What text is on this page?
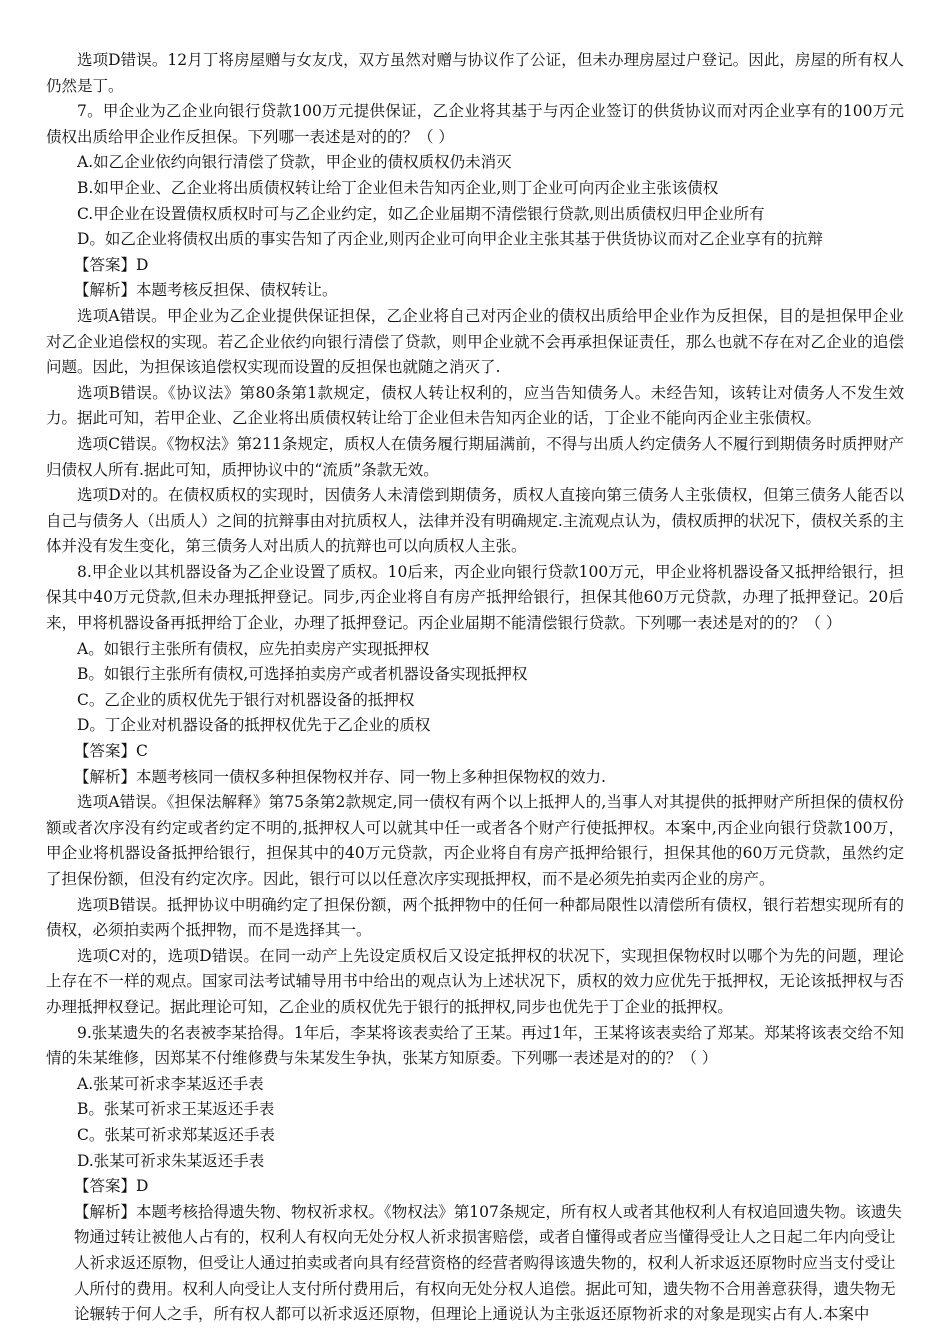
选项D错误。12月丁将房屋赠与女友戊，双方虽然对赠与协议作了公证，但未办理房屋过户登记。因此，房屋的所有权人仍然是丁。

7。甲企业为乙企业向银行贷款100万元提供保证，乙企业将其基于与丙企业签订的供货协议而对丙企业享有的100万元债权出质给甲企业作反担保。下列哪一表述是对的的？（ ）

A.如乙企业依约向银行清偿了贷款，甲企业的债权质权仍未消灭

B.如甲企业、乙企业将出质债权转让给丁企业但未告知丙企业,则丁企业可向丙企业主张该债权

C.甲企业在设置债权质权时可与乙企业约定，如乙企业届期不清偿银行贷款,则出质债权归甲企业所有

D。如乙企业将债权出质的事实告知了丙企业,则丙企业可向甲企业主张其基于供货协议而对乙企业享有的抗辩

【答案】D

【解析】本题考核反担保、债权转让。

选项A错误。甲企业为乙企业提供保证担保，乙企业将自己对丙企业的债权出质给甲企业作为反担保，目的是担保甲企业对乙企业追偿权的实现。若乙企业依约向银行清偿了贷款，则甲企业就不会再承担保证责任，那么也就不存在对乙企业的追偿问题。因此，为担保该追偿权实现而设置的反担保也就随之消灭了.

选项B错误。《协议法》第80条第1款规定，债权人转让权利的，应当告知债务人。未经告知，该转让对债务人不发生效力。据此可知，若甲企业、乙企业将出质债权转让给丁企业但未告知丙企业的话，丁企业不能向丙企业主张债权。

选项C错误。《物权法》第211条规定，质权人在债务履行期届满前，不得与出质人约定债务人不履行到期债务时质押财产归债权人所有.据此可知，质押协议中的“流质”条款无效。

选项D对的。在债权质权的实现时，因债务人未清偿到期债务，质权人直接向第三债务人主张债权，但第三债务人能否以自己与债务人（出质人）之间的抗辩事由对抗质权人，法律并没有明确规定.主流观点认为，债权质押的状况下，债权关系的主体并没有发生变化，第三债务人对出质人的抗辩也可以向质权人主张。

8.甲企业以其机器设备为乙企业设置了质权。10后来，丙企业向银行贷款100万元，甲企业将机器设备又抵押给银行，担保其中40万元贷款,但未办理抵押登记。同步,丙企业将自有房产抵押给银行，担保其他60万元贷款，办理了抵押登记。20后来，甲将机器设备再抵押给丁企业，办理了抵押登记。丙企业届期不能清偿银行贷款。下列哪一表述是对的的？（ ）

A。如银行主张所有债权，应先拍卖房产实现抵押权

B。如银行主张所有债权,可选择拍卖房产或者机器设备实现抵押权

C。乙企业的质权优先于银行对机器设备的抵押权

D。丁企业对机器设备的抵押权优先于乙企业的质权

【答案】C

【解析】本题考核同一债权多种担保物权并存、同一物上多种担保物权的效力.

选项A错误。《担保法解释》第75条第2款规定,同一债权有两个以上抵押人的,当事人对其提供的抵押财产所担保的债权份额或者次序没有约定或者约定不明的,抵押权人可以就其中任一或者各个财产行使抵押权。本案中,丙企业向银行贷款100万，甲企业将机器设备抵押给银行，担保其中的40万元贷款，丙企业将自有房产抵押给银行，担保其他的60万元贷款，虽然约定了担保份额，但没有约定次序。因此，银行可以以任意次序实现抵押权，而不是必须先拍卖丙企业的房产。

选项B错误。抵押协议中明确约定了担保份额，两个抵押物中的任何一种都局限性以清偿所有债权，银行若想实现所有的债权，必须拍卖两个抵押物，而不是选择其一。

选项C对的，选项D错误。在同一动产上先设定质权后又设定抵押权的状况下，实现担保物权时以哪个为先的问题，理论上存在不一样的观点。国家司法考试辅导用书中给出的观点认为上述状况下，质权的效力应优先于抵押权，无论该抵押权与否办理抵押权登记。据此理论可知，乙企业的质权优先于银行的抵押权,同步也优先于丁企业的抵押权。

9.张某遗失的名表被李某拾得。1年后，李某将该表卖给了王某。再过1年，王某将该表卖给了郑某。郑某将该表交给不知情的朱某维修，因郑某不付维修费与朱某发生争执，张某方知原委。下列哪一表述是对的的？（ ）

A.张某可祈求李某返还手表

B。张某可祈求王某返还手表

C。张某可祈求郑某返还手表

D.张某可祈求朱某返还手表

【答案】D

【解析】本题考核拾得遗失物、物权祈求权。《物权法》第107条规定，所有权人或者其他权利人有权追回遗失物。该遗失物通过转让被他人占有的，权利人有权向无处分权人祈求损害赔偿，或者自懂得或者应当懂得受让人之日起二年内向受让人祈求返还原物，但受让人通过拍卖或者向具有经营资格的经营者购得该遗失物的，权利人祈求返还原物时应当支付受让人所付的费用。权利人向受让人支付所付费用后，有权向无处分权人追偿。据此可知，遗失物不合用善意获得，遗失物无论辗转于何人之手，所有权人都可以祈求返还原物，但理论上通说认为主张返还原物祈求的对象是现实占有人.本案中
